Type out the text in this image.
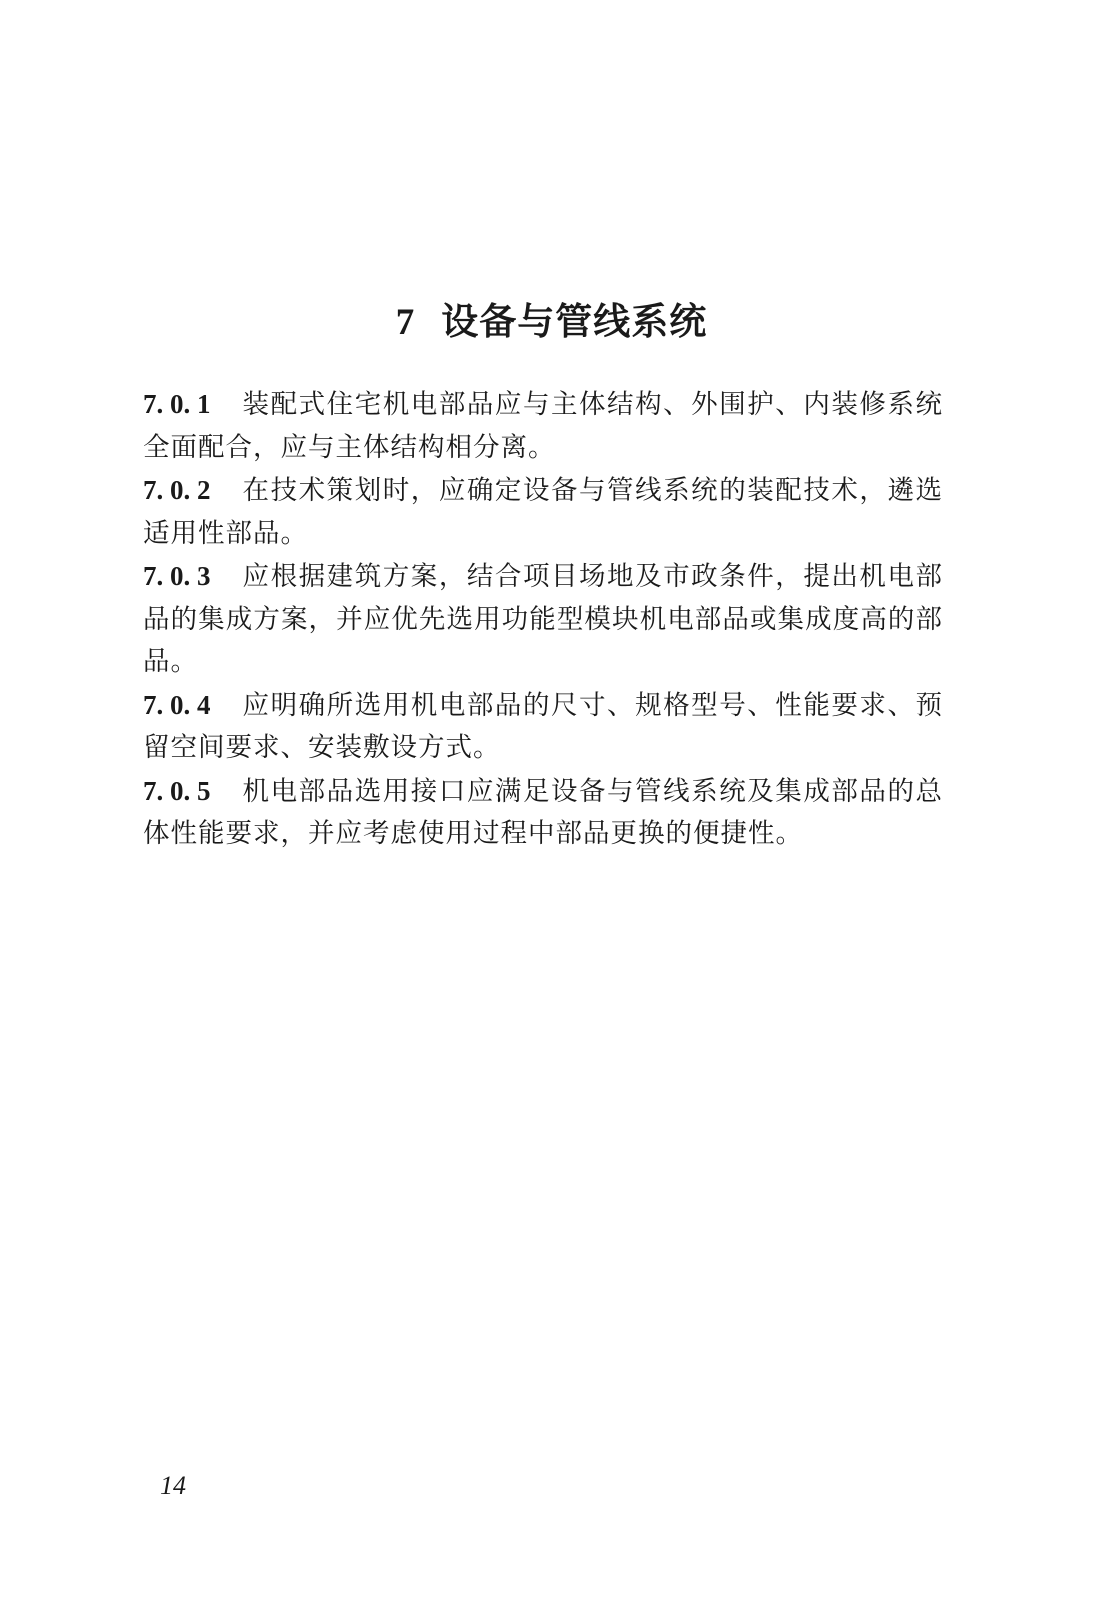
7 设备与管线系统

7. 0. 1 装配式住宅机电部品应与主体结构、外围护、内装修系统全面配合，应与主体结构相分离。

7. 0. 2 在技术策划时，应确定设备与管线系统的装配技术，遴选适用性部品。

7. 0. 3 应根据建筑方案，结合项目场地及市政条件，提出机电部品的集成方案，并应优先选用功能型模块机电部品或集成度高的部品。

7. 0. 4 应明确所选用机电部品的尺寸、规格型号、性能要求、预留空间要求、安装敷设方式。

7. 0. 5 机电部品选用接口应满足设备与管线系统及集成部品的总体性能要求，并应考虑使用过程中部品更换的便捷性。

14
